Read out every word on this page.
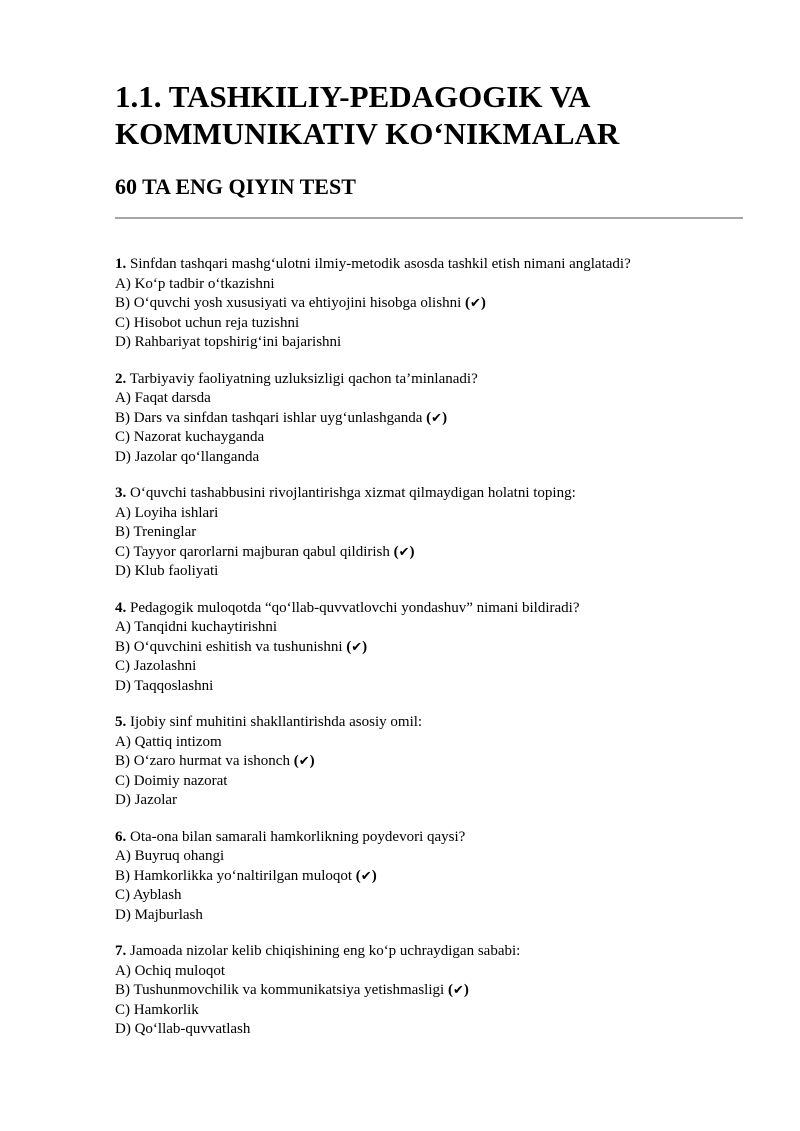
1.1. TASHKILIY-PEDAGOGIK VA
KOMMUNIKATIV KO‘NIKMALAR
60 TA ENG QIYIN TEST
1. Sinfdan tashqari mashg‘ulotni ilmiy-metodik asosda tashkil etish nimani anglatadi?
A) Ko‘p tadbir o‘tkazishni
B) O‘quvchi yosh xususiyati va ehtiyojini hisobga olishni (✔)
C) Hisobot uchun reja tuzishni
D) Rahbariyat topshirig‘ini bajarishni
2. Tarbiyaviy faoliyatning uzluksizligi qachon ta’minlanadi?
A) Faqat darsda
B) Dars va sinfdan tashqari ishlar uyg‘unlashganda (✔)
C) Nazorat kuchayganda
D) Jazolar qo‘llanganda
3. O‘quvchi tashabbusini rivojlantirishga xizmat qilmaydigan holatni toping:
A) Loyiha ishlari
B) Treninglar
C) Tayyor qarorlarni majburan qabul qildirish (✔)
D) Klub faoliyati
4. Pedagogik muloqotda “qo‘llab-quvvatlovchi yondashuv” nimani bildiradi?
A) Tanqidni kuchaytirishni
B) O‘quvchini eshitish va tushunishni (✔)
C) Jazolashni
D) Taqqoslashni
5. Ijobiy sinf muhitini shakllantirishda asosiy omil:
A) Qattiq intizom
B) O‘zaro hurmat va ishonch (✔)
C) Doimiy nazorat
D) Jazolar
6. Ota-ona bilan samarali hamkorlikning poydevori qaysi?
A) Buyruq ohangi
B) Hamkorlikka yo‘naltirilgan muloqot (✔)
C) Ayblash
D) Majburlash
7. Jamoada nizolar kelib chiqishining eng ko‘p uchraydigan sababi:
A) Ochiq muloqot
B) Tushunmovchilik va kommunikatsiya yetishmasligi (✔)
C) Hamkorlik
D) Qo‘llab-quvvatlash
